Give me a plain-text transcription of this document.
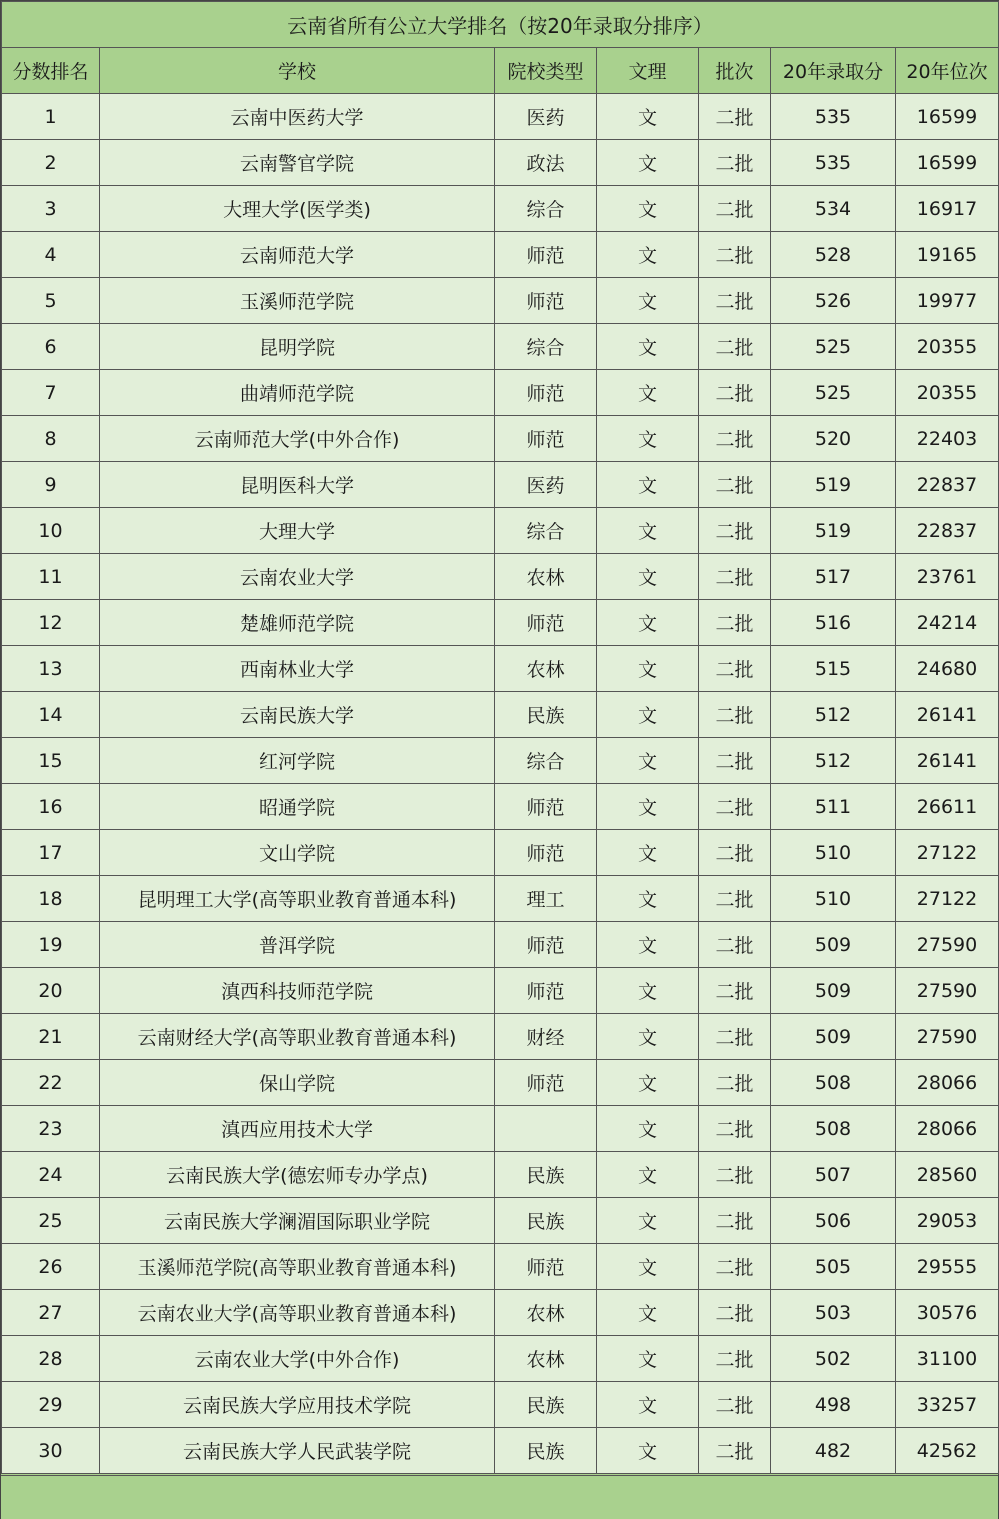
云南省所有公立大学排名（按20年录取分排序）						
分数排名	学校	院校类型	文理	批次	20年录取分	20年位次
1	云南中医药大学	医药	文	二批	535	16599
2	云南警官学院	政法	文	二批	535	16599
3	大理大学(医学类)	综合	文	二批	534	16917
4	云南师范大学	师范	文	二批	528	19165
5	玉溪师范学院	师范	文	二批	526	19977
6	昆明学院	综合	文	二批	525	20355
7	曲靖师范学院	师范	文	二批	525	20355
8	云南师范大学(中外合作)	师范	文	二批	520	22403
9	昆明医科大学	医药	文	二批	519	22837
10	大理大学	综合	文	二批	519	22837
11	云南农业大学	农林	文	二批	517	23761
12	楚雄师范学院	师范	文	二批	516	24214
13	西南林业大学	农林	文	二批	515	24680
14	云南民族大学	民族	文	二批	512	26141
15	红河学院	综合	文	二批	512	26141
16	昭通学院	师范	文	二批	511	26611
17	文山学院	师范	文	二批	510	27122
18	昆明理工大学(高等职业教育普通本科)	理工	文	二批	510	27122
19	普洱学院	师范	文	二批	509	27590
20	滇西科技师范学院	师范	文	二批	509	27590
21	云南财经大学(高等职业教育普通本科)	财经	文	二批	509	27590
22	保山学院	师范	文	二批	508	28066
23	滇西应用技术大学		文	二批	508	28066
24	云南民族大学(德宏师专办学点)	民族	文	二批	507	28560
25	云南民族大学澜湄国际职业学院	民族	文	二批	506	29053
26	玉溪师范学院(高等职业教育普通本科)	师范	文	二批	505	29555
27	云南农业大学(高等职业教育普通本科)	农林	文	二批	503	30576
28	云南农业大学(中外合作)	农林	文	二批	502	31100
29	云南民族大学应用技术学院	民族	文	二批	498	33257
30	云南民族大学人民武装学院	民族	文	二批	482	42562
